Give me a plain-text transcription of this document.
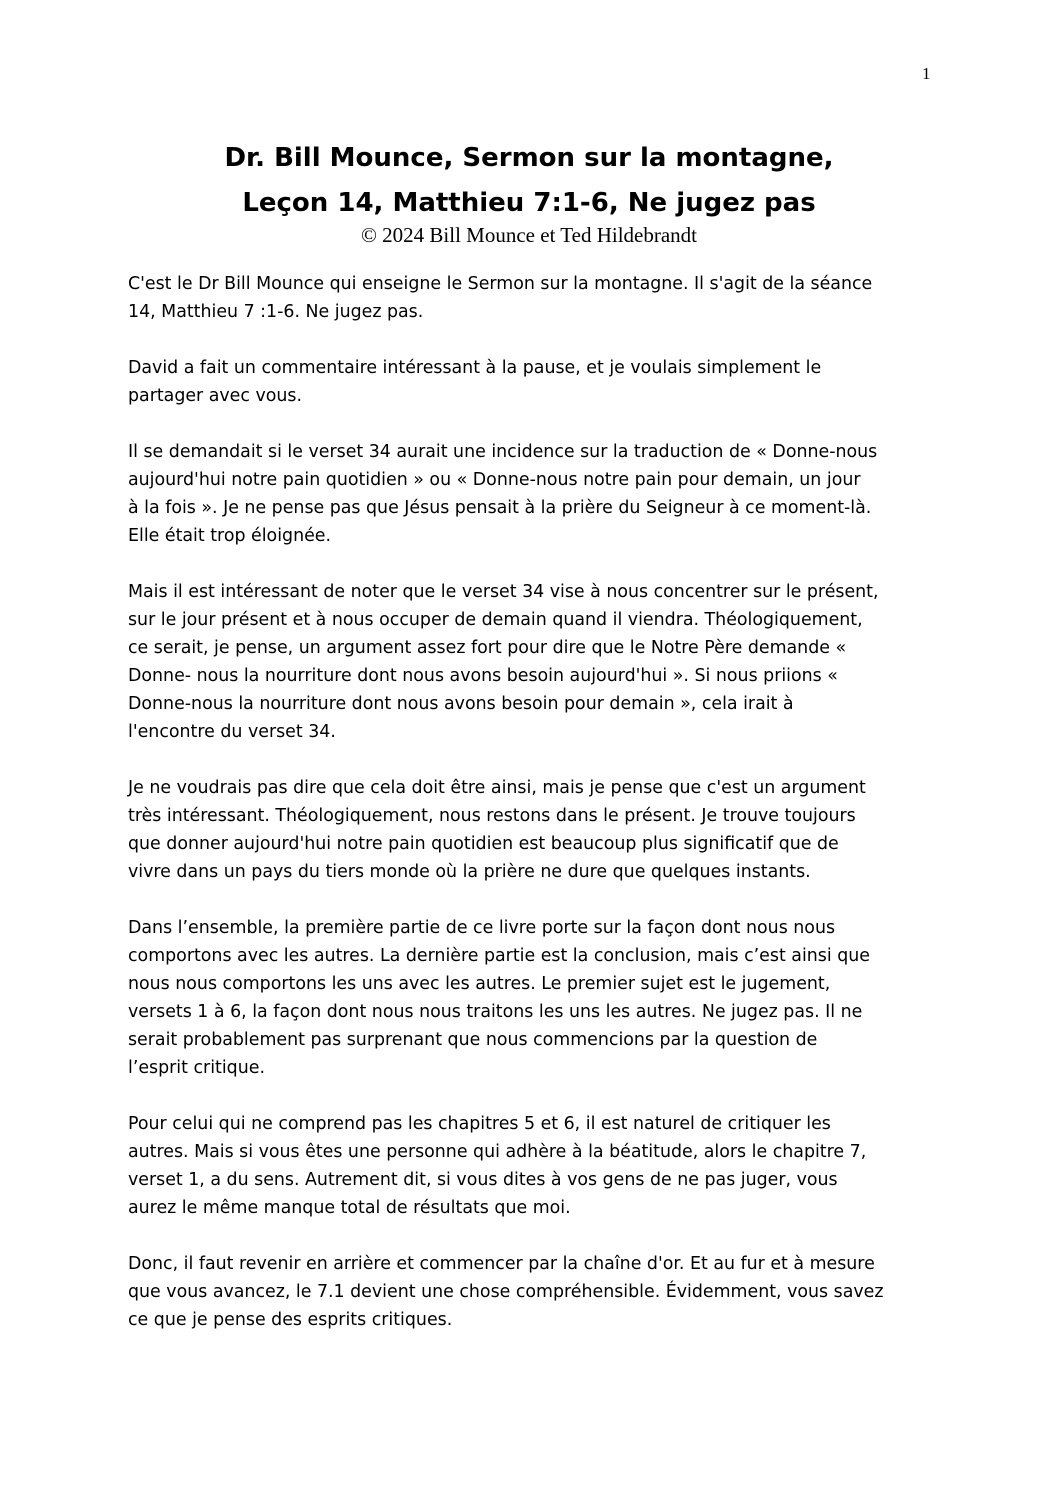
1
Dr. Bill Mounce, Sermon sur la montagne,
Leçon 14, Matthieu 7:1-6, Ne jugez pas
© 2024 Bill Mounce et Ted Hildebrandt

C'est le Dr Bill Mounce qui enseigne le Sermon sur la montagne. Il s'agit de la séance
14, Matthieu 7 :1-6. Ne jugez pas.

David a fait un commentaire intéressant à la pause, et je voulais simplement le
partager avec vous.

Il se demandait si le verset 34 aurait une incidence sur la traduction de « Donne-nous
aujourd'hui notre pain quotidien » ou « Donne-nous notre pain pour demain, un jour
à la fois ». Je ne pense pas que Jésus pensait à la prière du Seigneur à ce moment-là.
Elle était trop éloignée.

Mais il est intéressant de noter que le verset 34 vise à nous concentrer sur le présent,
sur le jour présent et à nous occuper de demain quand il viendra. Théologiquement,
ce serait, je pense, un argument assez fort pour dire que le Notre Père demande «
Donne- nous la nourriture dont nous avons besoin aujourd'hui ». Si nous priions «
Donne-nous la nourriture dont nous avons besoin pour demain », cela irait à
l'encontre du verset 34.

Je ne voudrais pas dire que cela doit être ainsi, mais je pense que c'est un argument
très intéressant. Théologiquement, nous restons dans le présent. Je trouve toujours
que donner aujourd'hui notre pain quotidien est beaucoup plus significatif que de
vivre dans un pays du tiers monde où la prière ne dure que quelques instants.

Dans l’ensemble, la première partie de ce livre porte sur la façon dont nous nous
comportons avec les autres. La dernière partie est la conclusion, mais c’est ainsi que
nous nous comportons les uns avec les autres. Le premier sujet est le jugement,
versets 1 à 6, la façon dont nous nous traitons les uns les autres. Ne jugez pas. Il ne
serait probablement pas surprenant que nous commencions par la question de
l’esprit critique.

Pour celui qui ne comprend pas les chapitres 5 et 6, il est naturel de critiquer les
autres. Mais si vous êtes une personne qui adhère à la béatitude, alors le chapitre 7,
verset 1, a du sens. Autrement dit, si vous dites à vos gens de ne pas juger, vous
aurez le même manque total de résultats que moi.

Donc, il faut revenir en arrière et commencer par la chaîne d'or. Et au fur et à mesure
que vous avancez, le 7.1 devient une chose compréhensible. Évidemment, vous savez
ce que je pense des esprits critiques.
